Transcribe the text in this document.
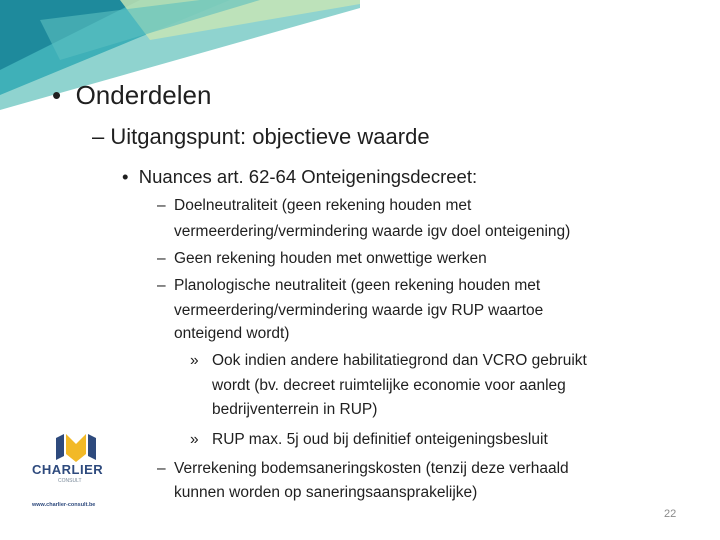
•  Onderdelen
– Uitgangspunt: objectieve waarde
•  Nuances art. 62-64 Onteigeningsdecreet:
– Doelneutraliteit (geen rekening houden met
vermeerdering/vermindering waarde igv doel onteigening)
– Geen rekening houden met onwettige werken
– Planologische neutraliteit (geen rekening houden met
vermeerdering/vermindering waarde igv RUP waartoe
onteigend wordt)
» Ook indien andere habilitatiegrond dan VCRO gebruikt
wordt (bv. decreet ruimtelijke economie voor aanleg
bedrijventerrein in RUP)
» RUP max. 5j oud bij definitief onteigeningsbesluit
– Verrekening bodemsaneringskosten (tenzij deze verhaald
kunnen worden op saneringsaansprakelijke)
CHARLIER
CONSULT
www.charlier-consult.be
22
